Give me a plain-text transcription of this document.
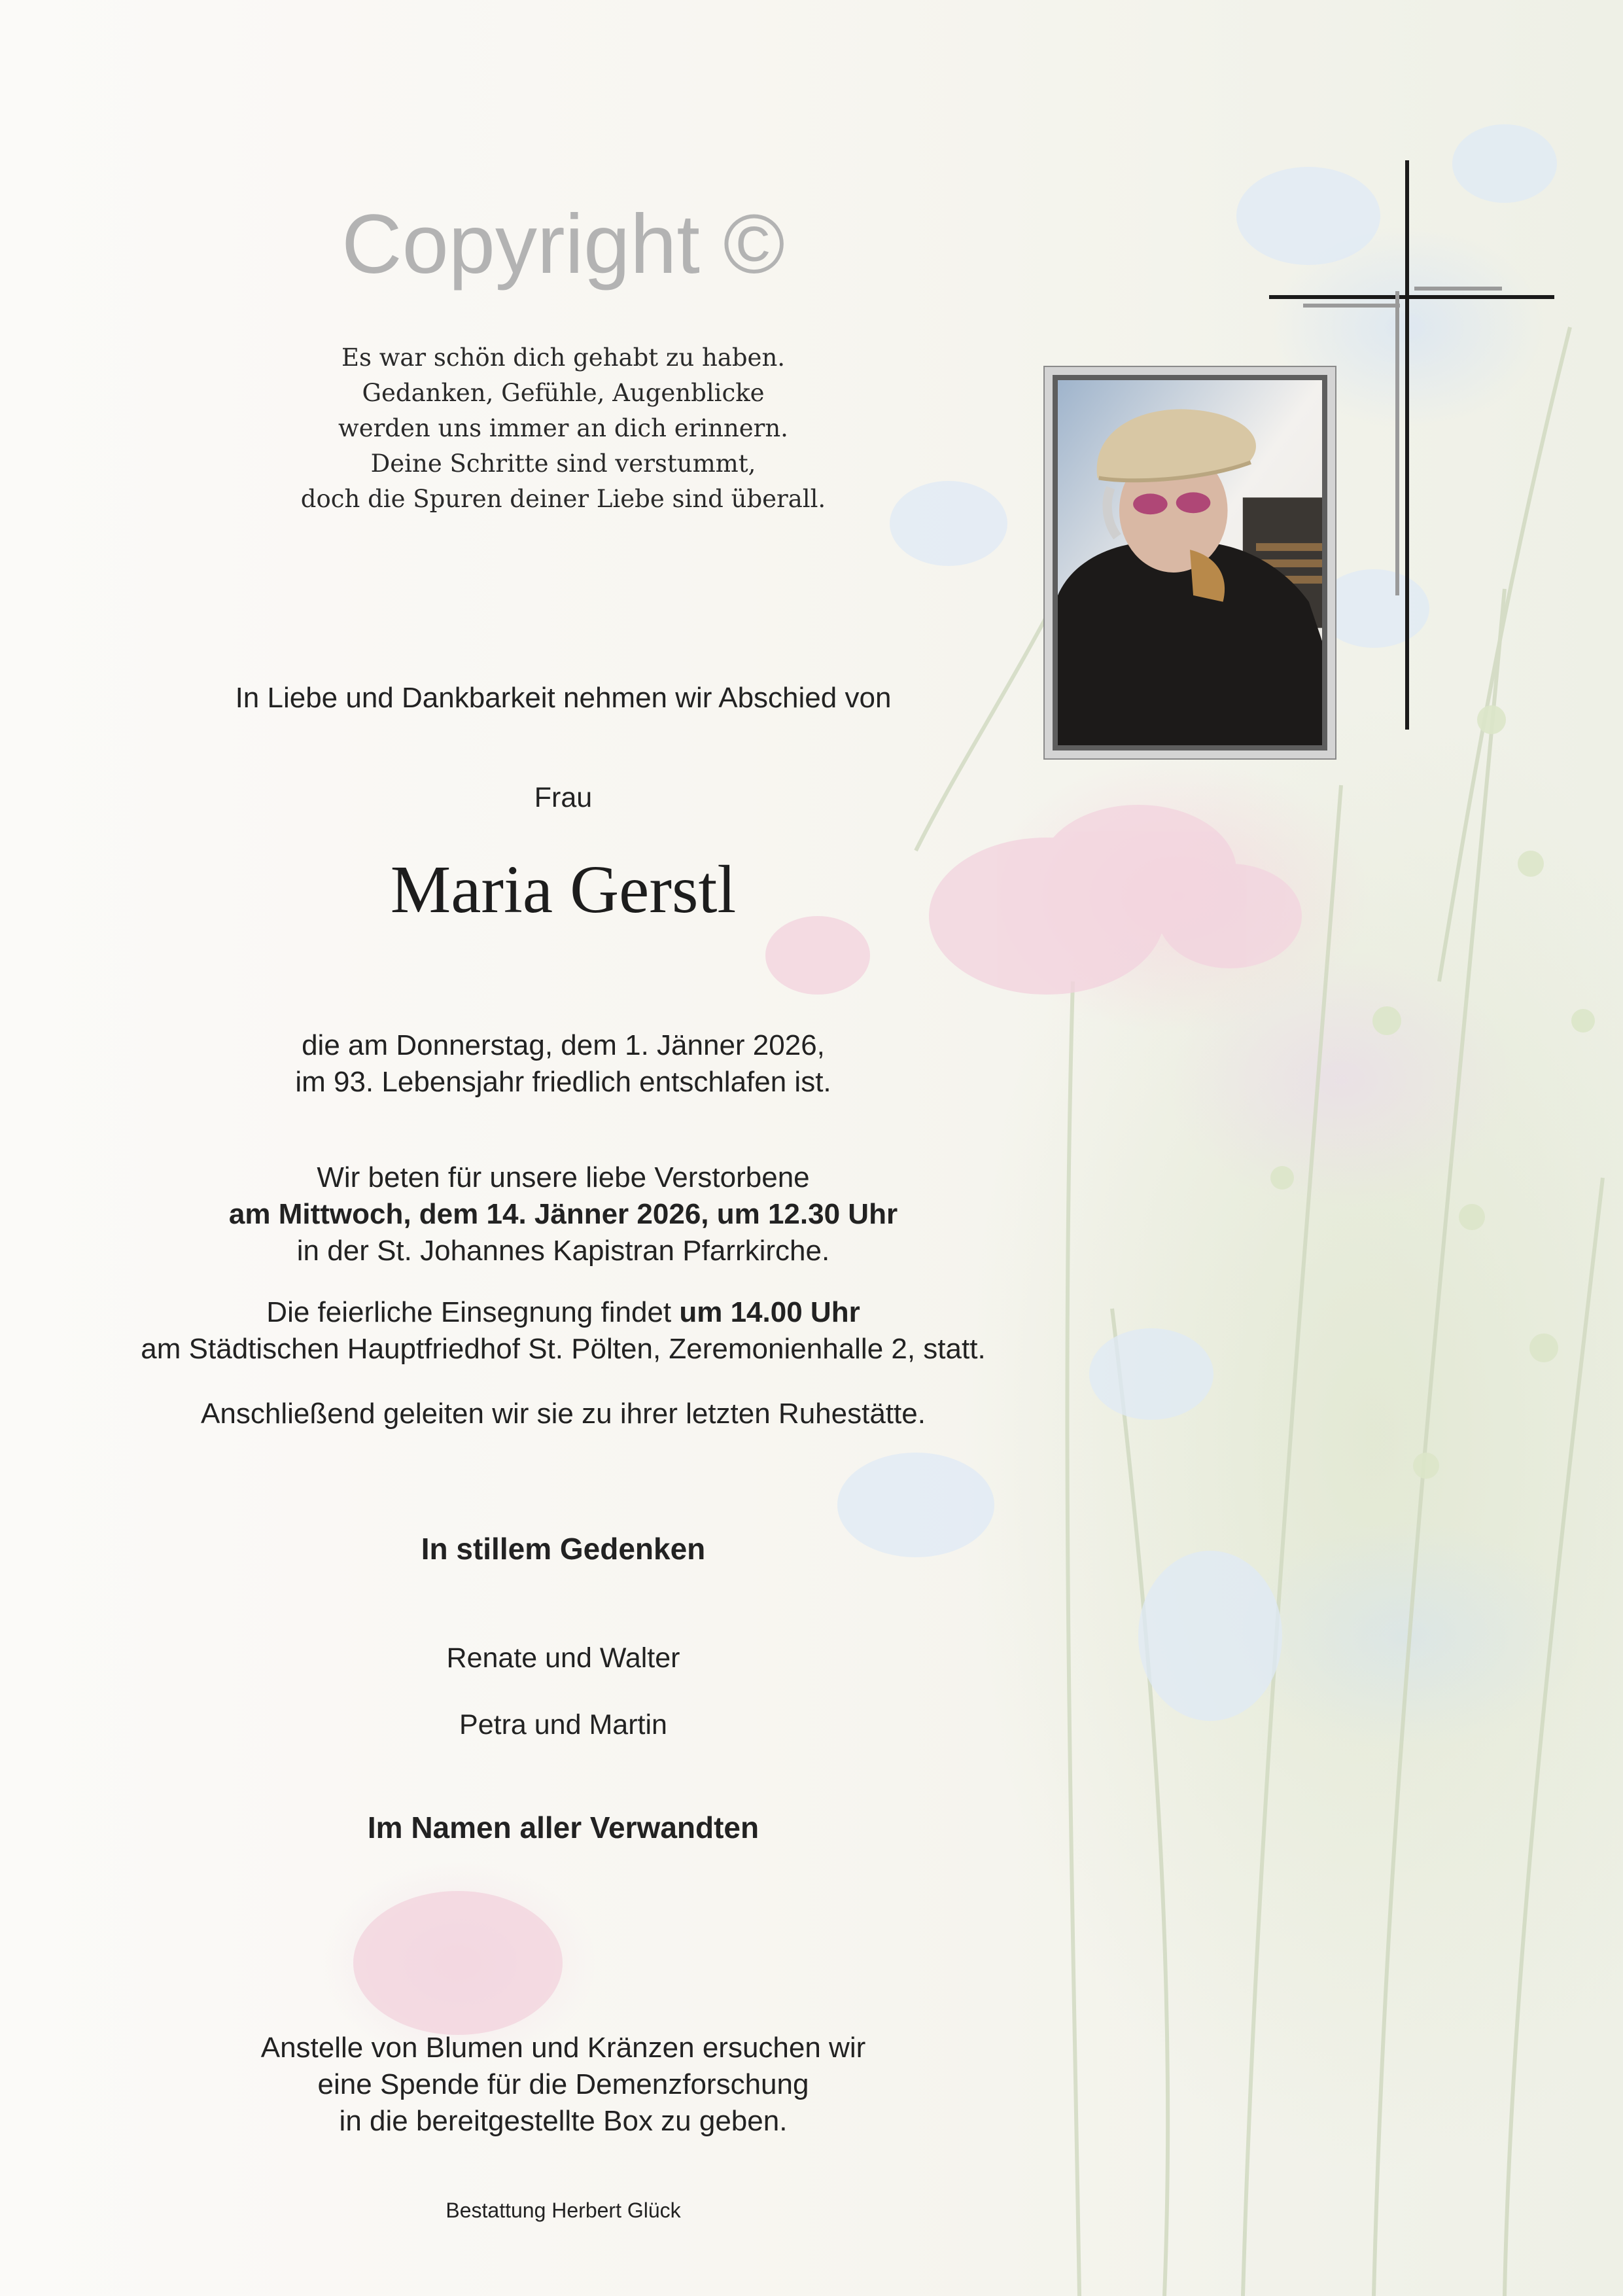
Copyright ©
Es war schön dich gehabt zu haben.
Gedanken, Gefühle, Augenblicke
werden uns immer an dich erinnern.
Deine Schritte sind verstummt,
doch die Spuren deiner Liebe sind überall.
In Liebe und Dankbarkeit nehmen wir Abschied von
Frau
Maria Gerstl
die am Donnerstag, dem 1. Jänner 2026,
im 93. Lebensjahr friedlich entschlafen ist.
Wir beten für unsere liebe Verstorbene
am Mittwoch, dem 14. Jänner 2026, um 12.30 Uhr
in der St. Johannes Kapistran Pfarrkirche.
Die feierliche Einsegnung findet um 14.00 Uhr
am Städtischen Hauptfriedhof St. Pölten, Zeremonienhalle 2, statt.
Anschließend geleiten wir sie zu ihrer letzten Ruhestätte.
In stillem Gedenken
Renate und Walter
Petra und Martin
Im Namen aller Verwandten
Anstelle von Blumen und Kränzen ersuchen wir
eine Spende für die Demenzforschung
in die bereitgestellte Box zu geben.
Bestattung Herbert Glück
